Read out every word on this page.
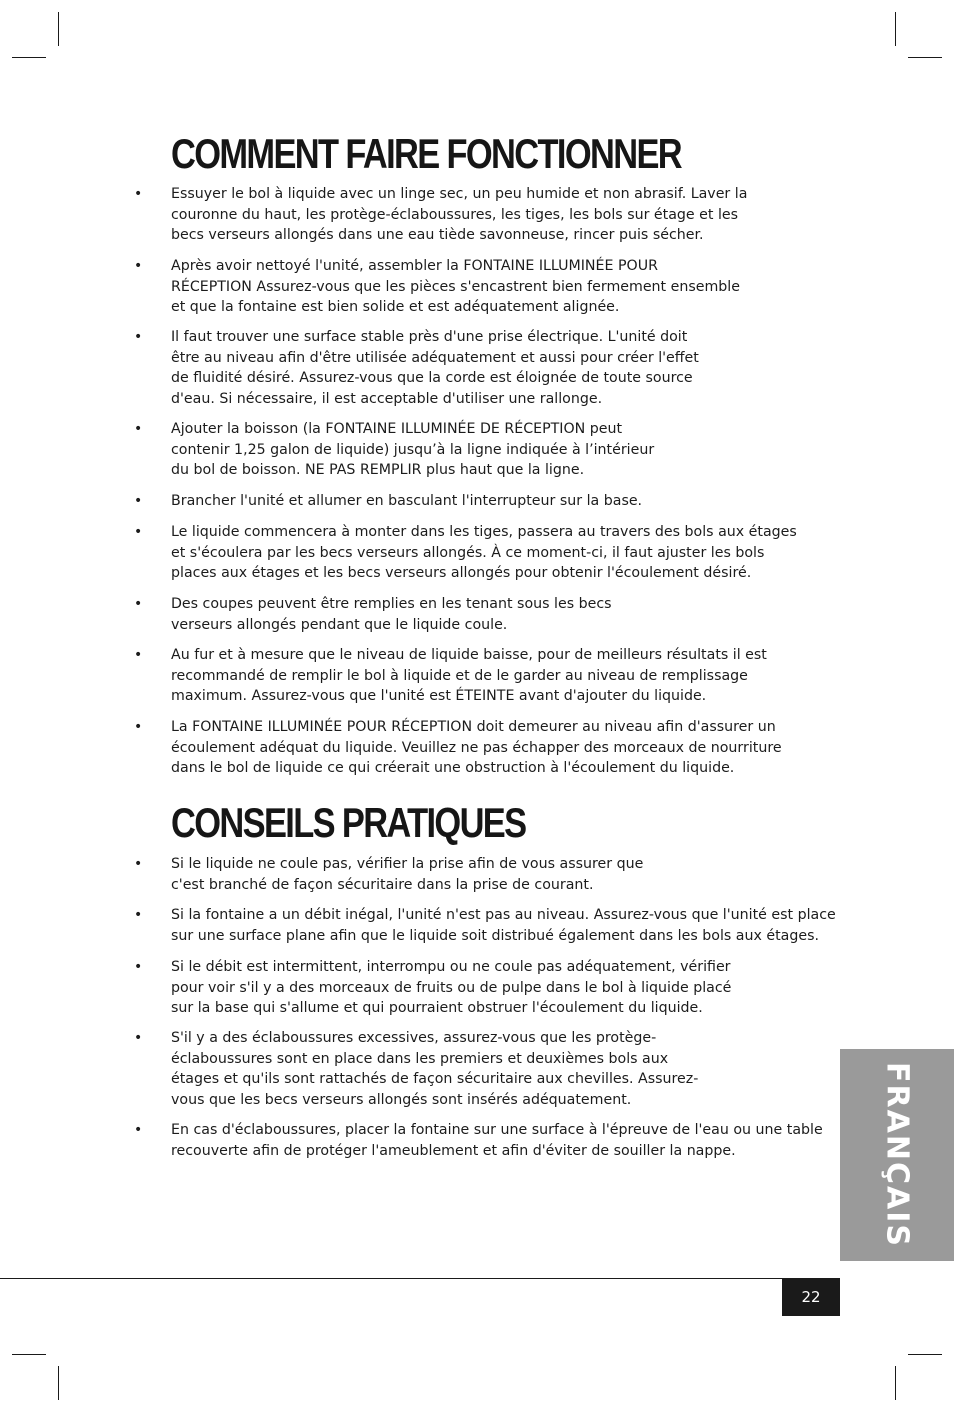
COMMENT FAIRE FONCTIONNER
• Essuyer le bol à liquide avec un linge sec, un peu humide et non abrasif. Laver la
couronne du haut, les protège-éclaboussures, les tiges, les bols sur étage et les
becs verseurs allongés dans une eau tiède savonneuse, rincer puis sécher.
• Après avoir nettoyé l'unité, assembler la FONTAINE ILLUMINÉE POUR
RÉCEPTION Assurez-vous que les pièces s'encastrent bien fermement ensemble
et que la fontaine est bien solide et est adéquatement alignée.
• Il faut trouver une surface stable près d'une prise électrique. L'unité doit
être au niveau afin d'être utilisée adéquatement et aussi pour créer l'effet
de fluidité désiré. Assurez-vous que la corde est éloignée de toute source
d'eau. Si nécessaire, il est acceptable d'utiliser une rallonge.
• Ajouter la boisson (la FONTAINE ILLUMINÉE DE RÉCEPTION peut
contenir 1,25 galon de liquide) jusqu’à la ligne indiquée à l’intérieur
du bol de boisson. NE PAS REMPLIR plus haut que la ligne.
• Brancher l'unité et allumer en basculant l'interrupteur sur la base.
• Le liquide commencera à monter dans les tiges, passera au travers des bols aux étages
et s'écoulera par les becs verseurs allongés. À ce moment-ci, il faut ajuster les bols
places aux étages et les becs verseurs allongés pour obtenir l'écoulement désiré.
• Des coupes peuvent être remplies en les tenant sous les becs
verseurs allongés pendant que le liquide coule.
• Au fur et à mesure que le niveau de liquide baisse, pour de meilleurs résultats il est
recommandé de remplir le bol à liquide et de le garder au niveau de remplissage
maximum. Assurez-vous que l'unité est ÉTEINTE avant d'ajouter du liquide.
• La FONTAINE ILLUMINÉE POUR RÉCEPTION doit demeurer au niveau afin d'assurer un
écoulement adéquat du liquide. Veuillez ne pas échapper des morceaux de nourriture
dans le bol de liquide ce qui créerait une obstruction à l'écoulement du liquide.
CONSEILS PRATIQUES
• Si le liquide ne coule pas, vérifier la prise afin de vous assurer que
c'est branché de façon sécuritaire dans la prise de courant.
• Si la fontaine a un débit inégal, l'unité n'est pas au niveau. Assurez-vous que l'unité est place
sur une surface plane afin que le liquide soit distribué également dans les bols aux étages.
• Si le débit est intermittent, interrompu ou ne coule pas adéquatement, vérifier
pour voir s'il y a des morceaux de fruits ou de pulpe dans le bol à liquide placé
sur la base qui s'allume et qui pourraient obstruer l'écoulement du liquide.
• S'il y a des éclaboussures excessives, assurez-vous que les protège-
éclaboussures sont en place dans les premiers et deuxièmes bols aux
étages et qu'ils sont rattachés de façon sécuritaire aux chevilles. Assurez-
vous que les becs verseurs allongés sont insérés adéquatement.
• En cas d'éclaboussures, placer la fontaine sur une surface à l'épreuve de l'eau ou une table
recouverte afin de protéger l'ameublement et afin d'éviter de souiller la nappe.	FRANÇAIS
22
